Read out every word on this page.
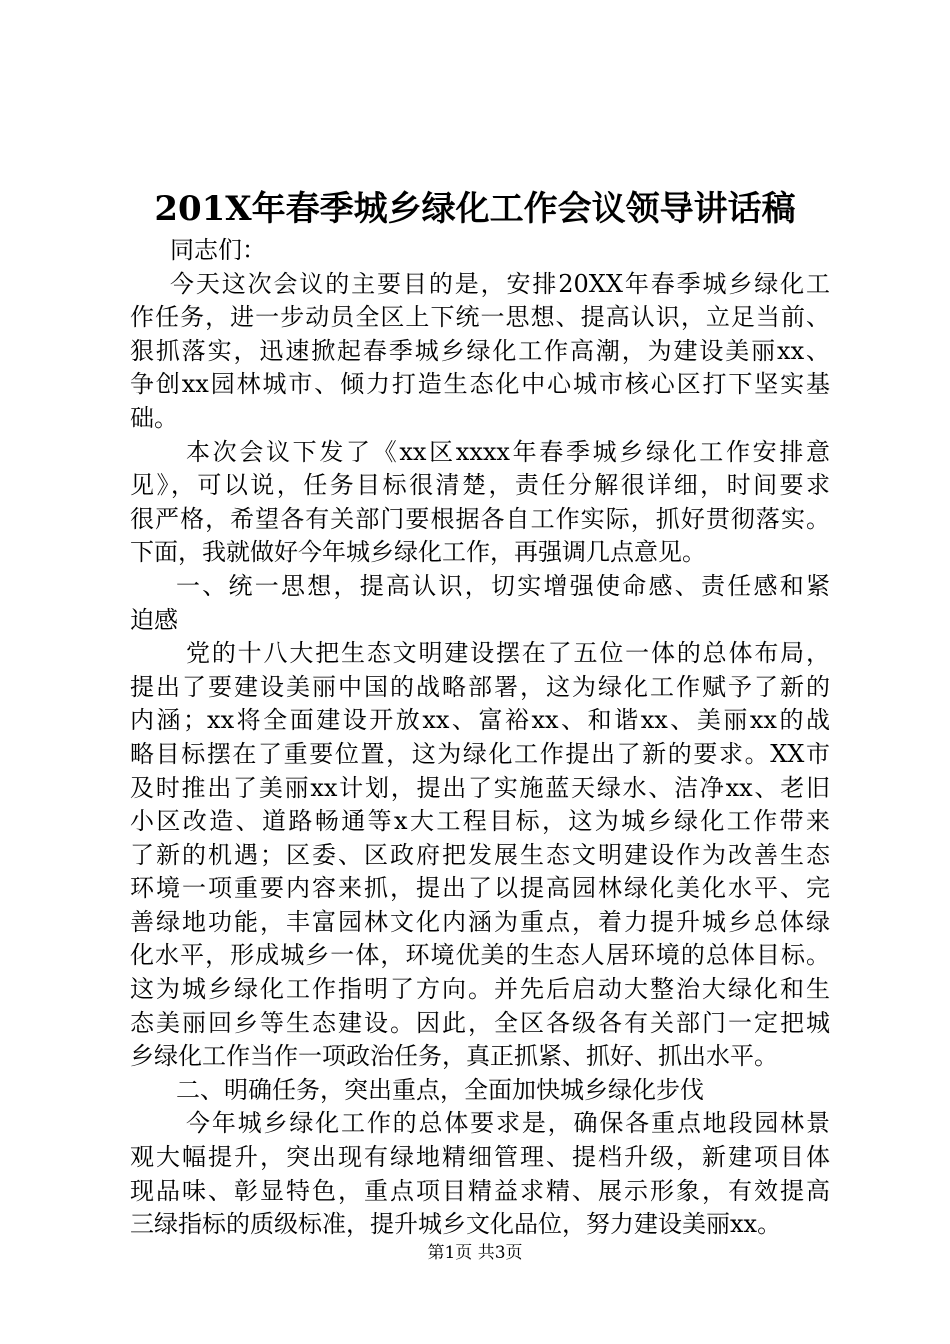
201X年春季城乡绿化工作会议领导讲话稿
同志们：
今天这次会议的主要目的是，安排20XX年春季城乡绿化工
作任务，进一步动员全区上下统一思想、提高认识，立足当前、
狠抓落实，迅速掀起春季城乡绿化工作高潮，为建设美丽xx、
争创xx园林城市、倾力打造生态化中心城市核心区打下坚实基
础。
本次会议下发了《xx区xxxx年春季城乡绿化工作安排意
见》，可以说，任务目标很清楚，责任分解很详细，时间要求
很严格，希望各有关部门要根据各自工作实际，抓好贯彻落实。
下面，我就做好今年城乡绿化工作，再强调几点意见。
一、统一思想，提高认识，切实增强使命感、责任感和紧
迫感
党的十八大把生态文明建设摆在了五位一体的总体布局，
提出了要建设美丽中国的战略部署，这为绿化工作赋予了新的
内涵；xx将全面建设开放xx、富裕xx、和谐xx、美丽xx的战
略目标摆在了重要位置，这为绿化工作提出了新的要求。XX市
及时推出了美丽xx计划，提出了实施蓝天绿水、洁净xx、老旧
小区改造、道路畅通等x大工程目标，这为城乡绿化工作带来
了新的机遇；区委、区政府把发展生态文明建设作为改善生态
环境一项重要内容来抓，提出了以提高园林绿化美化水平、完
善绿地功能，丰富园林文化内涵为重点，着力提升城乡总体绿
化水平，形成城乡一体，环境优美的生态人居环境的总体目标。
这为城乡绿化工作指明了方向。并先后启动大整治大绿化和生
态美丽回乡等生态建设。因此，全区各级各有关部门一定把城
乡绿化工作当作一项政治任务，真正抓紧、抓好、抓出水平。
二、明确任务，突出重点，全面加快城乡绿化步伐
今年城乡绿化工作的总体要求是，确保各重点地段园林景
观大幅提升，突出现有绿地精细管理、提档升级，新建项目体
现品味、彰显特色，重点项目精益求精、展示形象，有效提高
三绿指标的质级标准，提升城乡文化品位，努力建设美丽xx。
第1页 共3页
